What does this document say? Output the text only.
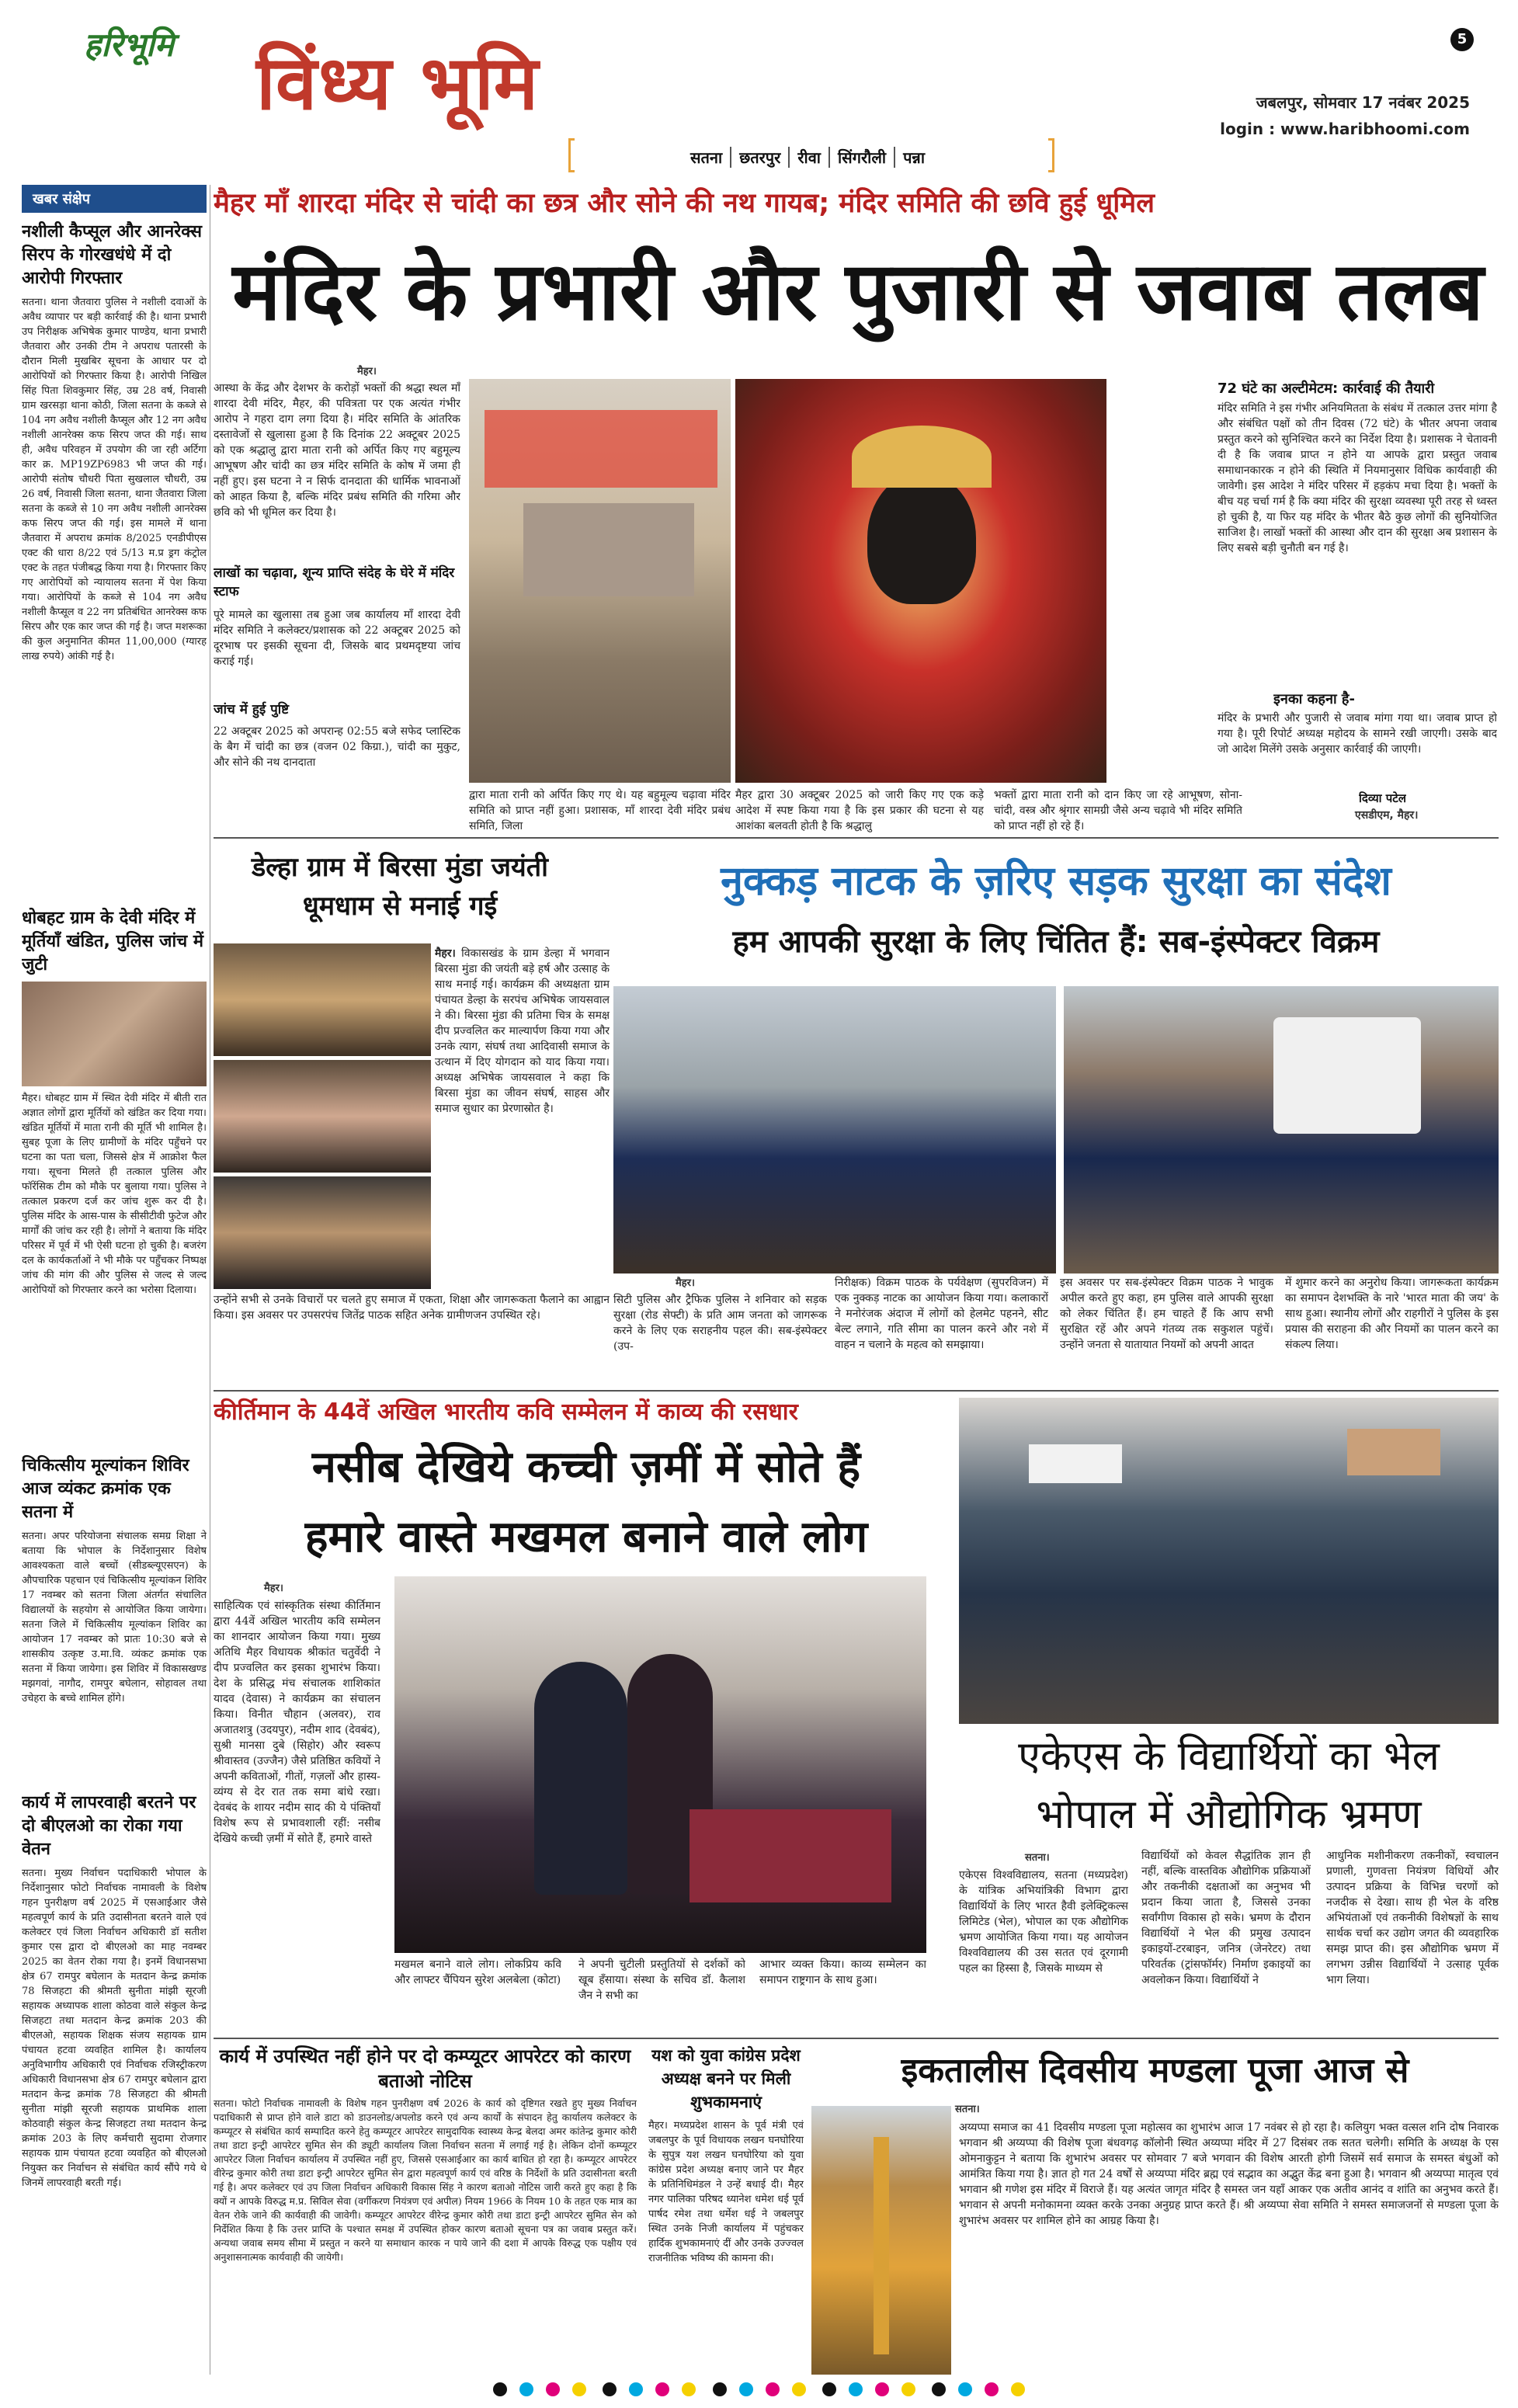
हरिभूमि विंध्य भूमि
5
जबलपुर, सोमवार 17 नवंबर 2025
login : www.haribhoomi.com
सतना	छतरपुर	रीवा	सिंगरौली	पन्ना
खबर संक्षेप
नशीली कैप्सूल और आनरेक्स सिरप के गोरखधंधे में दो आरोपी गिरफ्तार
सतना। थाना जैतवारा पुलिस ने नशीली दवाओं के अवैध व्यापार पर बड़ी कार्रवाई की है। थाना प्रभारी उप निरीक्षक अभिषेक कुमार पाण्डेय, थाना प्रभारी जैतवारा और उनकी टीम ने अपराध पतारसी के दौरान मिली मुखबिर सूचना के आधार पर दो आरोपियों को गिरफ्तार किया है। आरोपी निखिल सिंह पिता शिवकुमार सिंह, उम्र 28 वर्ष, निवासी ग्राम खरसड़ा थाना कोठी, जिला सतना के कब्जे से 104 नग अवैध नशीली कैप्सूल और 12 नग अवैध नशीली आनरेक्स कफ सिरप जप्त की गई। साथ ही, अवैध परिवहन में उपयोग की जा रही अर्टिगा कार क्र. MP19ZP6983 भी जप्त की गई। आरोपी संतोष चौधरी पिता सुखलाल चौधरी, उम्र 26 वर्ष, निवासी जिला सतना, थाना जैतवारा जिला सतना के कब्जे से 10 नग अवैध नशीली आनरेक्स कफ सिरप जप्त की गई। इस मामले में थाना जैतवारा में अपराध क्रमांक 8/2025 एनडीपीएस एक्ट की धारा 8/22 एवं 5/13 म.प्र ड्रग कंट्रोल एक्ट के तहत पंजीबद्ध किया गया है। गिरफ्तार किए गए आरोपियों को न्यायालय सतना में पेश किया गया। आरोपियों के कब्जे से 104 नग अवैध नशीली कैप्सूल व 22 नग प्रतिबंधित आनरेक्स कफ सिरप और एक कार जप्त की गई है। जप्त मशरूका की कुल अनुमानित कीमत 11,00,000 (ग्यारह लाख रुपये) आंकी गई है।
धोबहट ग्राम के देवी मंदिर में मूर्तियाँ खंडित, पुलिस जांच में जुटी
मैहर। धोबहट ग्राम में स्थित देवी मंदिर में बीती रात अज्ञात लोगों द्वारा मूर्तियों को खंडित कर दिया गया। खंडित मूर्तियों में माता रानी की मूर्ति भी शामिल है। सुबह पूजा के लिए ग्रामीणों के मंदिर पहुँचने पर घटना का पता चला, जिससे क्षेत्र में आक्रोश फैल गया। सूचना मिलते ही तत्काल पुलिस और फॉरेंसिक टीम को मौके पर बुलाया गया। पुलिस ने तत्काल प्रकरण दर्ज कर जांच शुरू कर दी है। पुलिस मंदिर के आस-पास के सीसीटीवी फुटेज और मार्गों की जांच कर रही है। लोगों ने बताया कि मंदिर परिसर में पूर्व में भी ऐसी घटना हो चुकी है। बजरंग दल के कार्यकर्ताओं ने भी मौके पर पहुँचकर निष्पक्ष जांच की मांग की और पुलिस से जल्द से जल्द आरोपियों को गिरफ्तार करने का भरोसा दिलाया।
चिकित्सीय मूल्यांकन शिविर आज व्यंकट क्रमांक एक सतना में
सतना। अपर परियोजना संचालक समग्र शिक्षा ने बताया कि भोपाल के निर्देशानुसार विशेष आवश्यकता वाले बच्चों (सीडब्ल्यूएसएन) के औपचारिक पहचान एवं चिकित्सीय मूल्यांकन शिविर 17 नवम्बर को सतना जिला अंतर्गत संचालित विद्यालयों के सहयोग से आयोजित किया जायेगा। सतना जिले में चिकित्सीय मूल्यांकन शिविर का आयोजन 17 नवम्बर को प्रातः 10:30 बजे से शासकीय उत्कृष्ट उ.मा.वि. व्यंकट क्रमांक एक सतना में किया जायेगा। इस शिविर में विकासखण्ड मझगवां, नागौद, रामपुर बघेलान, सोहावल तथा उचेहरा के बच्चे शामिल होंगे।
कार्य में लापरवाही बरतने पर दो बीएलओ का रोका गया वेतन
सतना। मुख्य निर्वाचन पदाधिकारी भोपाल के निर्देशानुसार फोटो निर्वाचक नामावली के विशेष गहन पुनरीक्षण वर्ष 2025 में एसआईआर जैसे महत्वपूर्ण कार्य के प्रति उदासीनता बरतने वाले एवं कलेक्टर एवं जिला निर्वाचन अधिकारी डॉ सतीश कुमार एस द्वारा दो बीएलओ का माह नवम्बर 2025 का वेतन रोका गया है। इनमें विधानसभा क्षेत्र 67 रामपुर बघेलान के मतदान केन्द्र क्रमांक 78 सिजहटा की श्रीमती सुनीता मांझी सूरजी सहायक अध्यापक शाला कोठवा वाले संकुल केन्द्र सिजहटा तथा मतदान केन्द्र क्रमांक 203 की बीएलओ, सहायक शिक्षक संजय सहायक ग्राम पंचायत हटवा व्यवहित शामिल है। कार्यालय अनुविभागीय अधिकारी एवं निर्वाचक रजिस्ट्रीकरण अधिकारी विधानसभा क्षेत्र 67 रामपुर बघेलान द्वारा मतदान केन्द्र क्रमांक 78 सिजहटा की श्रीमती सुनीता मांझी सूरजी सहायक प्राथमिक शाला कोठवाही संकुल केन्द्र सिजहटा तथा मतदान केन्द्र क्रमांक 203 के लिए कर्मचारी सुदामा रोजगार सहायक ग्राम पंचायत हटवा व्यवहित को बीएलओ नियुक्त कर निर्वाचन से संबंधित कार्य सौंपे गये थे जिनमें लापरवाही बरती गई।
मैहर माँ शारदा मंदिर से चांदी का छत्र और सोने की नथ गायब; मंदिर समिति की छवि हुई धूमिल
मंदिर के प्रभारी और पुजारी से जवाब तलब
मैहर।
आस्था के केंद्र और देशभर के करोड़ों भक्तों की श्रद्धा स्थल माँ शारदा देवी मंदिर, मैहर, की पवित्रता पर एक अत्यंत गंभीर आरोप ने गहरा दाग लगा दिया है। मंदिर समिति के आंतरिक दस्तावेजों से खुलासा हुआ है कि दिनांक 22 अक्टूबर 2025 को एक श्रद्धालु द्वारा माता रानी को अर्पित किए गए बहुमूल्य आभूषण और चांदी का छत्र मंदिर समिति के कोष में जमा ही नहीं हुए। इस घटना ने न सिर्फ दानदाता की धार्मिक भावनाओं को आहत किया है, बल्कि मंदिर प्रबंध समिति की गरिमा और छवि को भी धूमिल कर दिया है।
लाखों का चढ़ावा, शून्य प्राप्ति संदेह के घेरे में मंदिर स्टाफ
पूरे मामले का खुलासा तब हुआ जब कार्यालय माँ शारदा देवी मंदिर समिति ने कलेक्टर/प्रशासक को 22 अक्टूबर 2025 को दूरभाष पर इसकी सूचना दी, जिसके बाद प्रथमदृष्टया जांच कराई गई।
जांच में हुई पुष्टि
22 अक्टूबर 2025 को अपरान्ह 02:55 बजे सफेद प्लास्टिक के बैग में चांदी का छत्र (वजन 02 किग्रा.), चांदी का मुकुट, और सोने की नथ दानदाता
द्वारा माता रानी को अर्पित किए गए थे। यह बहुमूल्य चढ़ावा मंदिर समिति को प्राप्त नहीं हुआ। प्रशासक, माँ शारदा देवी मंदिर प्रबंध समिति, जिला
मैहर द्वारा 30 अक्टूबर 2025 को जारी किए गए एक कड़े आदेश में स्पष्ट किया गया है कि इस प्रकार की घटना से यह आशंका बलवती होती है कि श्रद्धालु
भक्तों द्वारा माता रानी को दान किए जा रहे आभूषण, सोना-चांदी, वस्त्र और श्रृंगार सामग्री जैसे अन्य चढ़ावे भी मंदिर समिति को प्राप्त नहीं हो रहे हैं।
72 घंटे का अल्टीमेटम: कार्रवाई की तैयारी
मंदिर समिति ने इस गंभीर अनियमितता के संबंध में तत्काल उत्तर मांगा है और संबंधित पक्षों को तीन दिवस (72 घंटे) के भीतर अपना जवाब प्रस्तुत करने को सुनिश्चित करने का निर्देश दिया है। प्रशासक ने चेतावनी दी है कि जवाब प्राप्त न होने या आपके द्वारा प्रस्तुत जवाब समाधानकारक न होने की स्थिति में नियमानुसार विधिक कार्यवाही की जावेगी। इस आदेश ने मंदिर परिसर में हड़कंप मचा दिया है। भक्तों के बीच यह चर्चा गर्म है कि क्या मंदिर की सुरक्षा व्यवस्था पूरी तरह से ध्वस्त हो चुकी है, या फिर यह मंदिर के भीतर बैठे कुछ लोगों की सुनियोजित साजिश है। लाखों भक्तों की आस्था और दान की सुरक्षा अब प्रशासन के लिए सबसे बड़ी चुनौती बन गई है।
इनका कहना है-
मंदिर के प्रभारी और पुजारी से जवाब मांगा गया था। जवाब प्राप्त हो गया है। पूरी रिपोर्ट अध्यक्ष महोदय के सामने रखी जाएगी। उसके बाद जो आदेश मिलेंगे उसके अनुसार कार्रवाई की जाएगी।
दिव्या पटेल
एसडीएम, मैहर।
डेल्हा ग्राम में बिरसा मुंडा जयंती धूमधाम से मनाई गई
मैहर। विकासखंड के ग्राम डेल्हा में भगवान बिरसा मुंडा की जयंती बड़े हर्ष और उत्साह के साथ मनाई गई। कार्यक्रम की अध्यक्षता ग्राम पंचायत डेल्हा के सरपंच अभिषेक जायसवाल ने की। बिरसा मुंडा की प्रतिमा चित्र के समक्ष दीप प्रज्वलित कर माल्यार्पण किया गया और उनके त्याग, संघर्ष तथा आदिवासी समाज के उत्थान में दिए योगदान को याद किया गया। अध्यक्ष अभिषेक जायसवाल ने कहा कि बिरसा मुंडा का जीवन संघर्ष, साहस और समाज सुधार का प्रेरणास्रोत है।
उन्होंने सभी से उनके विचारों पर चलते हुए समाज में एकता, शिक्षा और जागरूकता फैलाने का आह्वान किया। इस अवसर पर उपसरपंच जितेंद्र पाठक सहित अनेक ग्रामीणजन उपस्थित रहे।
नुक्कड़ नाटक के ज़रिए सड़क सुरक्षा का संदेश
हम आपकी सुरक्षा के लिए चिंतित हैं: सब-इंस्पेक्टर विक्रम
मैहर।
सिटी पुलिस और ट्रैफिक पुलिस ने शनिवार को सड़क सुरक्षा (रोड सेफ्टी) के प्रति आम जनता को जागरूक करने के लिए एक सराहनीय पहल की। सब-इंस्पेक्टर (उप-
निरीक्षक) विक्रम पाठक के पर्यवेक्षण (सुपरविजन) में एक नुक्कड़ नाटक का आयोजन किया गया। कलाकारों ने मनोरंजक अंदाज में लोगों को हेलमेट पहनने, सीट बेल्ट लगाने, गति सीमा का पालन करने और नशे में वाहन न चलाने के महत्व को समझाया।
इस अवसर पर सब-इंस्पेक्टर विक्रम पाठक ने भावुक अपील करते हुए कहा, हम पुलिस वाले आपकी सुरक्षा को लेकर चिंतित हैं। हम चाहते हैं कि आप सभी सुरक्षित रहें और अपने गंतव्य तक सकुशल पहुंचें। उन्होंने जनता से यातायात नियमों को अपनी आदत
में शुमार करने का अनुरोध किया। जागरूकता कार्यक्रम का समापन देशभक्ति के नारे 'भारत माता की जय' के साथ हुआ। स्थानीय लोगों और राहगीरों ने पुलिस के इस प्रयास की सराहना की और नियमों का पालन करने का संकल्प लिया।
कीर्तिमान के 44वें अखिल भारतीय कवि सम्मेलन में काव्य की रसधार
नसीब देखिये कच्ची ज़मीं में सोते हैं
हमारे वास्ते मखमल बनाने वाले लोग
मैहर।
साहित्यिक एवं सांस्कृतिक संस्था कीर्तिमान द्वारा 44वें अखिल भारतीय कवि सम्मेलन का शानदार आयोजन किया गया। मुख्य अतिथि मैहर विधायक श्रीकांत चतुर्वेदी ने दीप प्रज्वलित कर इसका शुभारंभ किया। देश के प्रसिद्ध मंच संचालक शाशिकांत यादव (देवास) ने कार्यक्रम का संचालन किया। विनीत चौहान (अलवर), राव अजातशत्रु (उदयपुर), नदीम शाद (देवबंद), सुश्री मानसा दुबे (सिहोर) और स्वरूप श्रीवास्तव (उज्जैन) जैसे प्रतिष्ठित कवियों ने अपनी कविताओं, गीतों, गज़लों और हास्य-व्यंग्य से देर रात तक समा बांधे रखा। देवबंद के शायर नदीम साद की ये पंक्तियाँ विशेष रूप से प्रभावशाली रहीं: नसीब देखिये कच्ची ज़मीं में सोते हैं, हमारे वास्ते
मखमल बनाने वाले लोग। लोकप्रिय कवि और लाफ्टर चैंपियन सुरेश अलबेला (कोटा)
ने अपनी चुटीली प्रस्तुतियों से दर्शकों को खूब हँसाया। संस्था के सचिव डॉ. कैलाश जैन ने सभी का
आभार व्यक्त किया। काव्य सम्मेलन का समापन राष्ट्रगान के साथ हुआ।
एकेएस के विद्यार्थियों का भेल
भोपाल में औद्योगिक भ्रमण
सतना।
एकेएस विश्वविद्यालय, सतना (मध्यप्रदेश) के यांत्रिक अभियांत्रिकी विभाग द्वारा विद्यार्थियों के लिए भारत हैवी इलेक्ट्रिकल्स लिमिटेड (भेल), भोपाल का एक औद्योगिक भ्रमण आयोजित किया गया। यह आयोजन विश्वविद्यालय की उस सतत एवं दूरगामी पहल का हिस्सा है, जिसके माध्यम से
विद्यार्थियों को केवल सैद्धांतिक ज्ञान ही नहीं, बल्कि वास्तविक औद्योगिक प्रक्रियाओं और तकनीकी दक्षताओं का अनुभव भी प्रदान किया जाता है, जिससे उनका सर्वांगीण विकास हो सके। भ्रमण के दौरान विद्यार्थियों ने भेल की प्रमुख उत्पादन इकाइयों-टरबाइन, जनित्र (जेनरेटर) तथा परिवर्तक (ट्रांसफॉर्मर) निर्माण इकाइयों का अवलोकन किया। विद्यार्थियों ने
आधुनिक मशीनीकरण तकनीकों, स्वचालन प्रणाली, गुणवत्ता नियंत्रण विधियों और उत्पादन प्रक्रिया के विभिन्न चरणों को नजदीक से देखा। साथ ही भेल के वरिष्ठ अभियंताओं एवं तकनीकी विशेषज्ञों के साथ सार्थक चर्चा कर उद्योग जगत की व्यवहारिक समझ प्राप्त की। इस औद्योगिक भ्रमण में लगभग उन्नीस विद्यार्थियों ने उत्साह पूर्वक भाग लिया।
कार्य में उपस्थित नहीं होने पर दो कम्प्यूटर आपरेटर को कारण बताओ नोटिस
सतना। फोटो निर्वाचक नामावली के विशेष गहन पुनरीक्षण वर्ष 2026 के कार्य को दृष्टिगत रखते हुए मुख्य निर्वाचन पदाधिकारी से प्राप्त होने वाले डाटा को डाउनलोड/अपलोड करने एवं अन्य कार्यों के संपादन हेतु कार्यालय कलेक्टर के कम्प्यूटर से संबंधित कार्य सम्पादित करने हेतु कम्प्यूटर आपरेटर सामुदायिक स्वास्थ्य केन्द्र बेलदा अमर कांतेन्द्र कुमार कोरी तथा डाटा इन्ट्री आपरेटर सुमित सेन की ड्यूटी कार्यालय जिला निर्वाचन सतना में लगाई गई है। लेकिन दोनों कम्प्यूटर आपरेटर जिला निर्वाचन कार्यालय में उपस्थित नहीं हुए, जिससे एसआईआर का कार्य बाधित हो रहा है। कम्प्यूटर आपरेटर वीरेन्द्र कुमार कोरी तथा डाटा इन्ट्री आपरेटर सुमित सेन द्वारा महत्वपूर्ण कार्य एवं वरिष्ठ के निर्देशों के प्रति उदासीनता बरती गई है। अपर कलेक्टर एवं उप जिला निर्वाचन अधिकारी विकास सिंह ने कारण बताओ नोटिस जारी करते हुए कहा है कि क्यों न आपके विरुद्ध म.प्र. सिविल सेवा (वर्गीकरण नियंत्रण एवं अपील) नियम 1966 के नियम 10 के तहत एक मात्र का वेतन रोके जाने की कार्यवाही की जावेगी। कम्प्यूटर आपरेटर वीरेन्द्र कुमार कोरी तथा डाटा इन्ट्री आपरेटर सुमित सेन को निर्देशित किया है कि उत्तर प्राप्ति के पश्चात समक्ष में उपस्थित होकर कारण बताओ सूचना पत्र का जवाब प्रस्तुत करें। अन्यथा जवाब समय सीमा में प्रस्तुत न करने या समाधान कारक न पाये जाने की दशा में आपके विरुद्ध एक पक्षीय एवं अनुशासनात्मक कार्यवाही की जायेगी।
यश को युवा कांग्रेस प्रदेश अध्यक्ष बनने पर मिली शुभकामनाएं
मैहर। मध्यप्रदेश शासन के पूर्व मंत्री एवं जबलपुर के पूर्व विधायक लखन घनघोरिया के सुपुत्र यश लखन घनघोरिया को युवा कांग्रेस प्रदेश अध्यक्ष बनाए जाने पर मैहर के प्रतिनिधिमंडल ने उन्हें बधाई दी। मैहर नगर पालिका परिषद ध्यानेश धमेश धई पूर्व पार्षद रमेश तथा धर्मेश धई ने जबलपुर स्थित उनके निजी कार्यालय में पहुंचकर हार्दिक शुभकामनाएं दीं और उनके उज्ज्वल राजनीतिक भविष्य की कामना की।
इकतालीस दिवसीय मण्डला पूजा आज से
सतना।
अय्यप्पा समाज का 41 दिवसीय मण्डला पूजा महोत्सव का शुभारंभ आज 17 नवंबर से हो रहा है। कलियुग भक्त वत्सल शनि दोष निवारक भगवान श्री अय्यप्पा की विशेष पूजा बंधवगढ़ कॉलोनी स्थित अय्यप्पा मंदिर में 27 दिसंबर तक सतत चलेगी। समिति के अध्यक्ष के एस ओमनाकुट्टन ने बताया कि शुभारंभ अवसर पर सोमवार 7 बजे भगवान की विशेष आरती होगी जिसमें सर्व समाज के समस्त बंधुओं को आमंत्रित किया गया है। ज्ञात हो गत 24 वर्षों से अय्यप्पा मंदिर ब्रह्म एवं सद्भाव का अद्भुत केंद्र बना हुआ है। भगवान श्री अय्यप्पा मातृत्व एवं भगवान श्री गणेश इस मंदिर में विराजे हैं। यह अत्यंत जागृत मंदिर है समस्त जन यहाँ आकर एक अतीव आनंद व शांति का अनुभव करते हैं। भगवान से अपनी मनोकामना व्यक्त करके उनका अनुग्रह प्राप्त करते हैं। श्री अय्यप्पा सेवा समिति ने समस्त समाजजनों से मण्डला पूजा के शुभारंभ अवसर पर शामिल होने का आग्रह किया है।
